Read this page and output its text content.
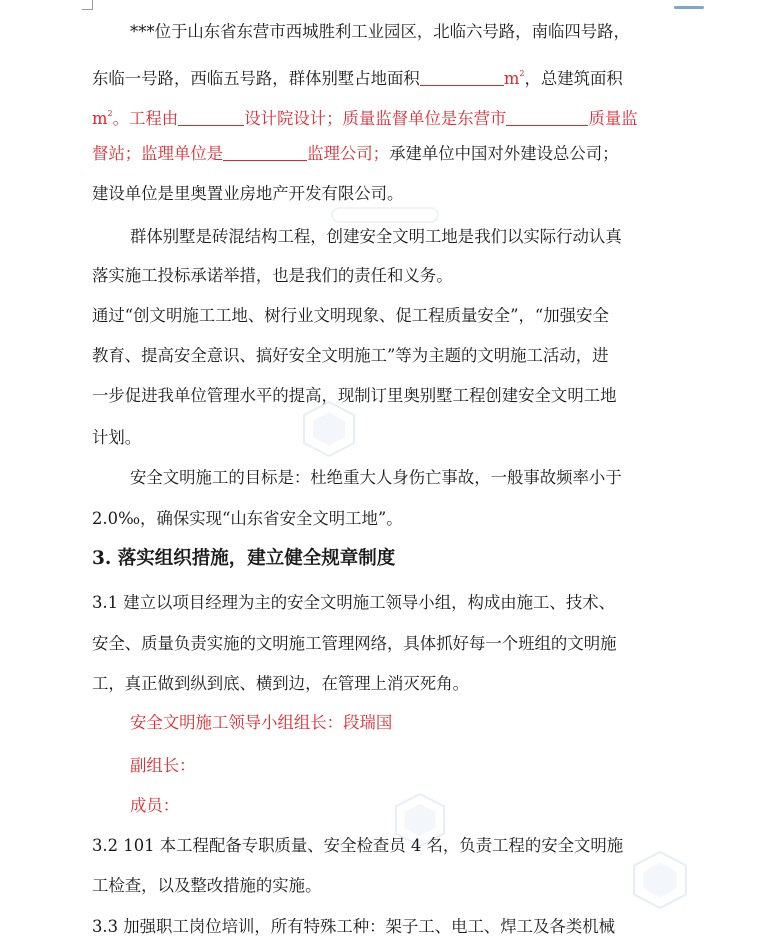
***位于山东省东营市西城胜利工业园区，北临六号路，南临四号路，
东临一号路，西临五号路，群体别墅占地面积	$m^2$，总建筑面积
$m^2$。工程由	设计院设计；质量监督单位是东营市	质量监
督站；监理单位是	监理公司；承建单位中国对外建设总公司；
建设单位是里奥置业房地产开发有限公司。
群体别墅是砖混结构工程，创建安全文明工地是我们以实际行动认真
落实施工投标承诺举措，也是我们的责任和义务。
通过“创文明施工工地、树行业文明现象、促工程质量安全”，“加强安全
教育、提高安全意识、搞好安全文明施工”等为主题的文明施工活动，进
一步促进我单位管理水平的提高，现制订里奥别墅工程创建安全文明工地
计划。
安全文明施工的目标是：杜绝重大人身伤亡事故，一般事故频率小于
2.0‰，确保实现“山东省安全文明工地”。
3. 落实组织措施，建立健全规章制度
3.1 建立以项目经理为主的安全文明施工领导小组，构成由施工、技术、
安全、质量负责实施的文明施工管理网络，具体抓好每一个班组的文明施
工，真正做到纵到底、横到边，在管理上消灭死角。
安全文明施工领导小组组长：段瑞国
副组长：
成员：
3.2 101 本工程配备专职质量、安全检查员 4 名，负责工程的安全文明施
工检查，以及整改措施的实施。
3.3 加强职工岗位培训，所有特殊工种：架子工、电工、焊工及各类机械
